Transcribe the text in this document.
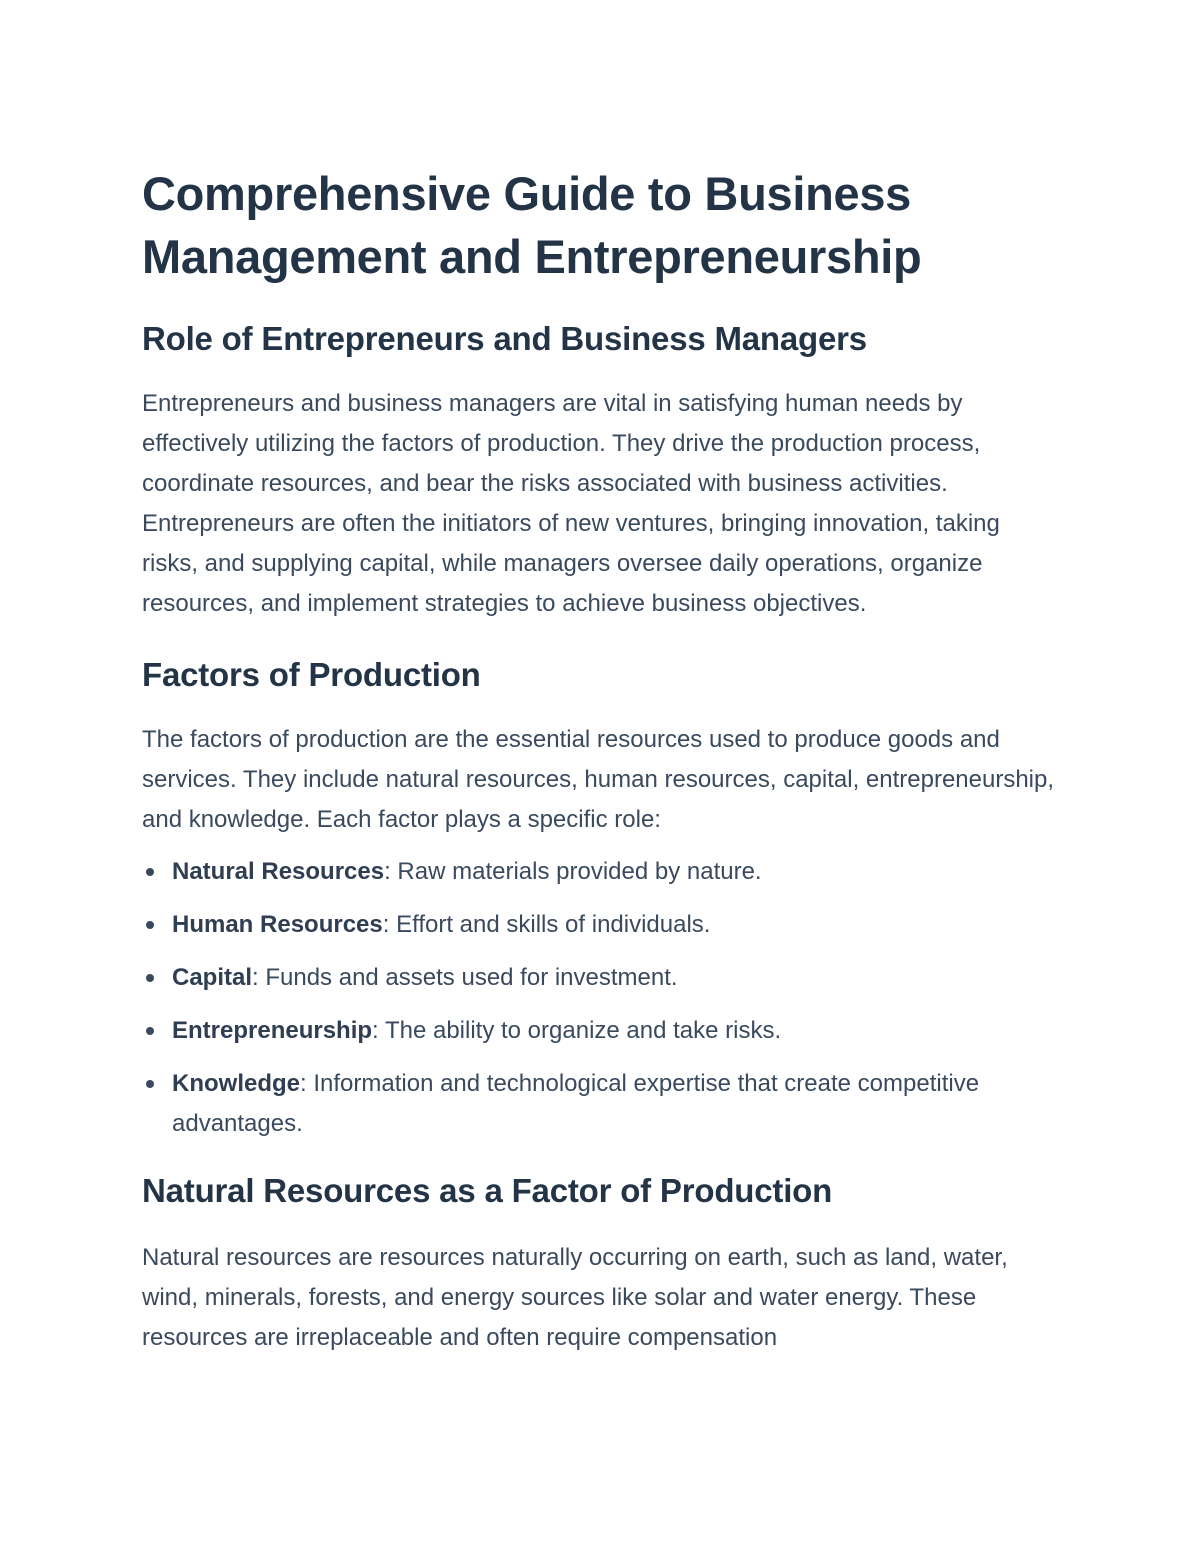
Comprehensive Guide to Business Management and Entrepreneurship
Role of Entrepreneurs and Business Managers

Entrepreneurs and business managers are vital in satisfying human needs by effectively utilizing the factors of production. They drive the production process, coordinate resources, and bear the risks associated with business activities. Entrepreneurs are often the initiators of new ventures, bringing innovation, taking risks, and supplying capital, while managers oversee daily operations, organize resources, and implement strategies to achieve business objectives.

Factors of Production

The factors of production are the essential resources used to produce goods and services. They include natural resources, human resources, capital, entrepreneurship, and knowledge. Each factor plays a specific role:

Natural Resources: Raw materials provided by nature.
Human Resources: Effort and skills of individuals.
Capital: Funds and assets used for investment.
Entrepreneurship: The ability to organize and take risks.
Knowledge: Information and technological expertise that create competitive advantages.
Natural Resources as a Factor of Production

Natural resources are resources naturally occurring on earth, such as land, water, wind, minerals, forests, and energy sources like solar and water energy. These resources are irreplaceable and often require compensation
